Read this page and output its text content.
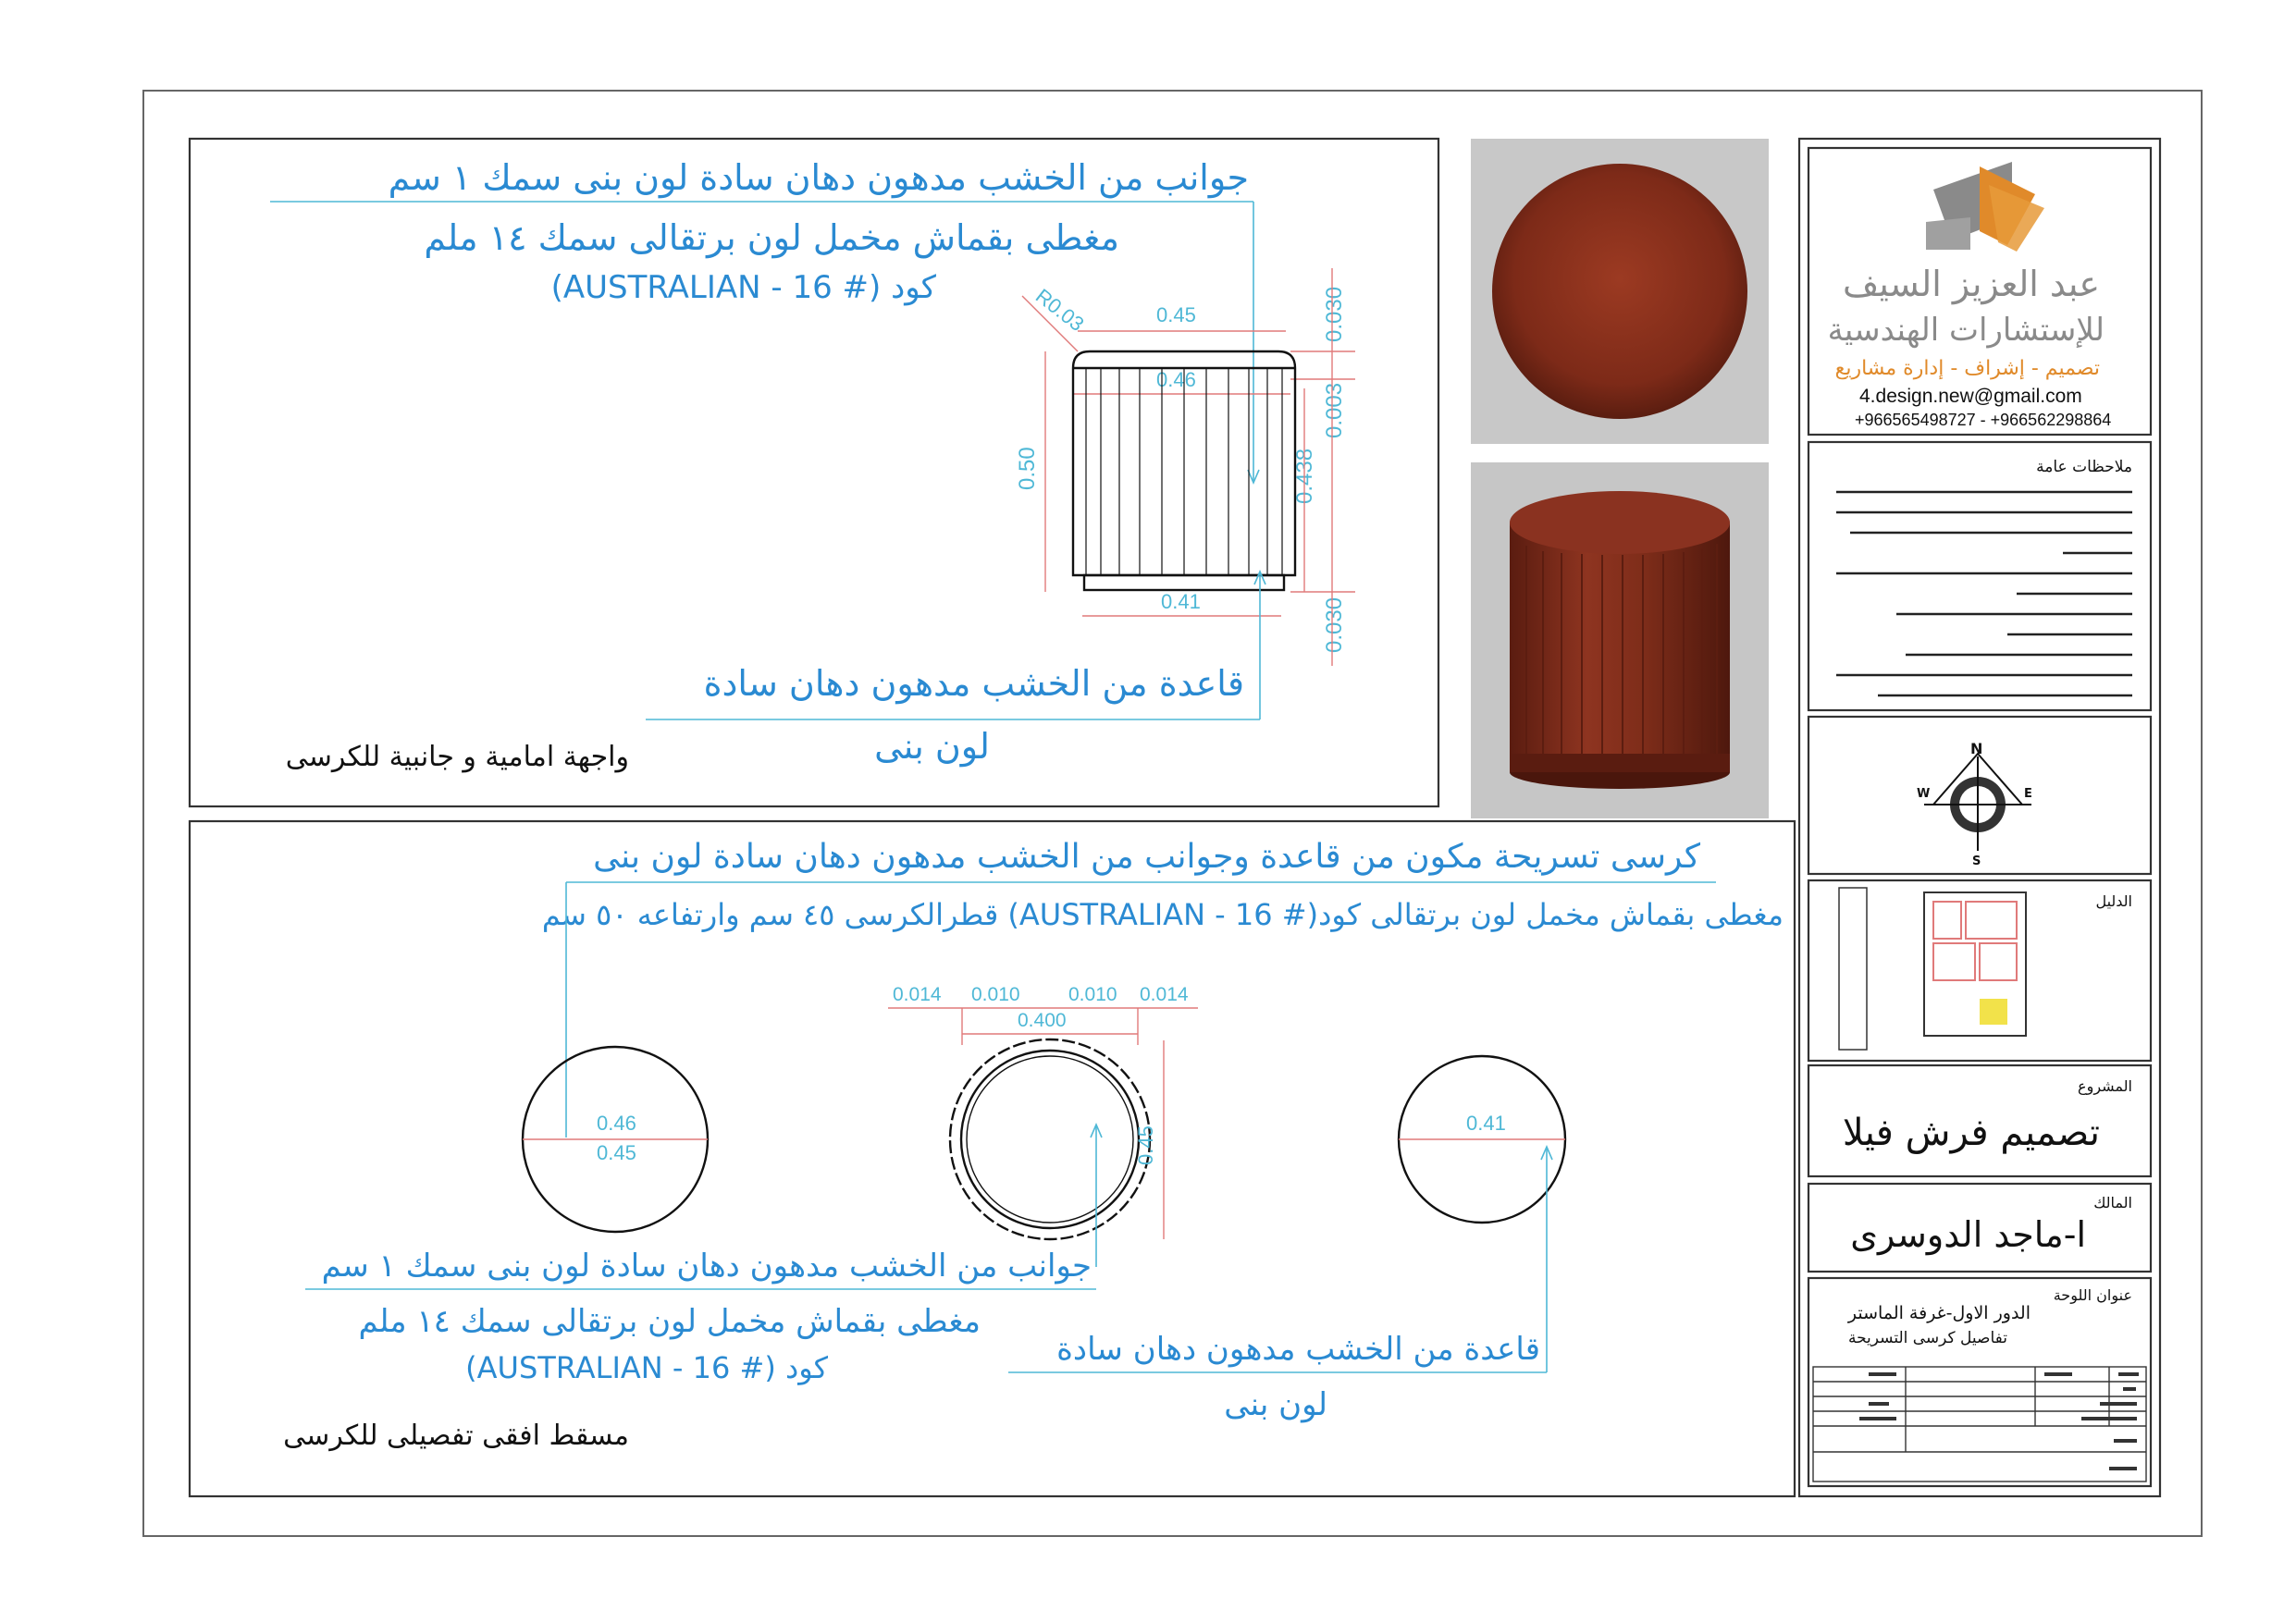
جوانب من الخشب مدهون دهان سادة لون بنى سمك ١ سم
مغطى بقماش مخمل لون برتقالى سمك ١٤ ملم
كود (# 16 - AUSTRALIAN)	R0.03	0.45
0.46
0.41
0.50	0.438
0.030
0.003
0.030
قاعدة من الخشب مدهون دهان سادة
لون بنى
واجهة امامية و جانبية للكرسى
كرسى تسريحة مكون من قاعدة وجوانب من الخشب مدهون دهان سادة لون بنى
مغطى بقماش مخمل لون برتقالى كود(# 16 - AUSTRALIAN) قطرالكرسى ٤٥ سم وارتفاعه ٥٠ سم
0.46
0.45
0.014 0.010 0.010 0.014
0.400
0.45
0.41
جوانب من الخشب مدهون دهان سادة لون بنى سمك ١ سم
مغطى بقماش مخمل لون برتقالى سمك ١٤ ملم
كود (# 16 - AUSTRALIAN)	قاعدة من الخشب مدهون دهان سادة
لون بنى
مسقط افقى تفصيلى للكرسى
عبد العزيز السيف
للإستشارات الهندسية
تصميم - إشراف - إدارة مشاريع
4.design.new@gmail.com
+966565498727 - +966562298864
ملاحظات عامة
N
S
E
W
الدليل
المشروع
تصميم فرش فيلا
المالك
ا-ماجد الدوسرى
عنوان اللوحة
الدور الاول-غرفة الماستر
تفاصيل كرسى التسريحة
